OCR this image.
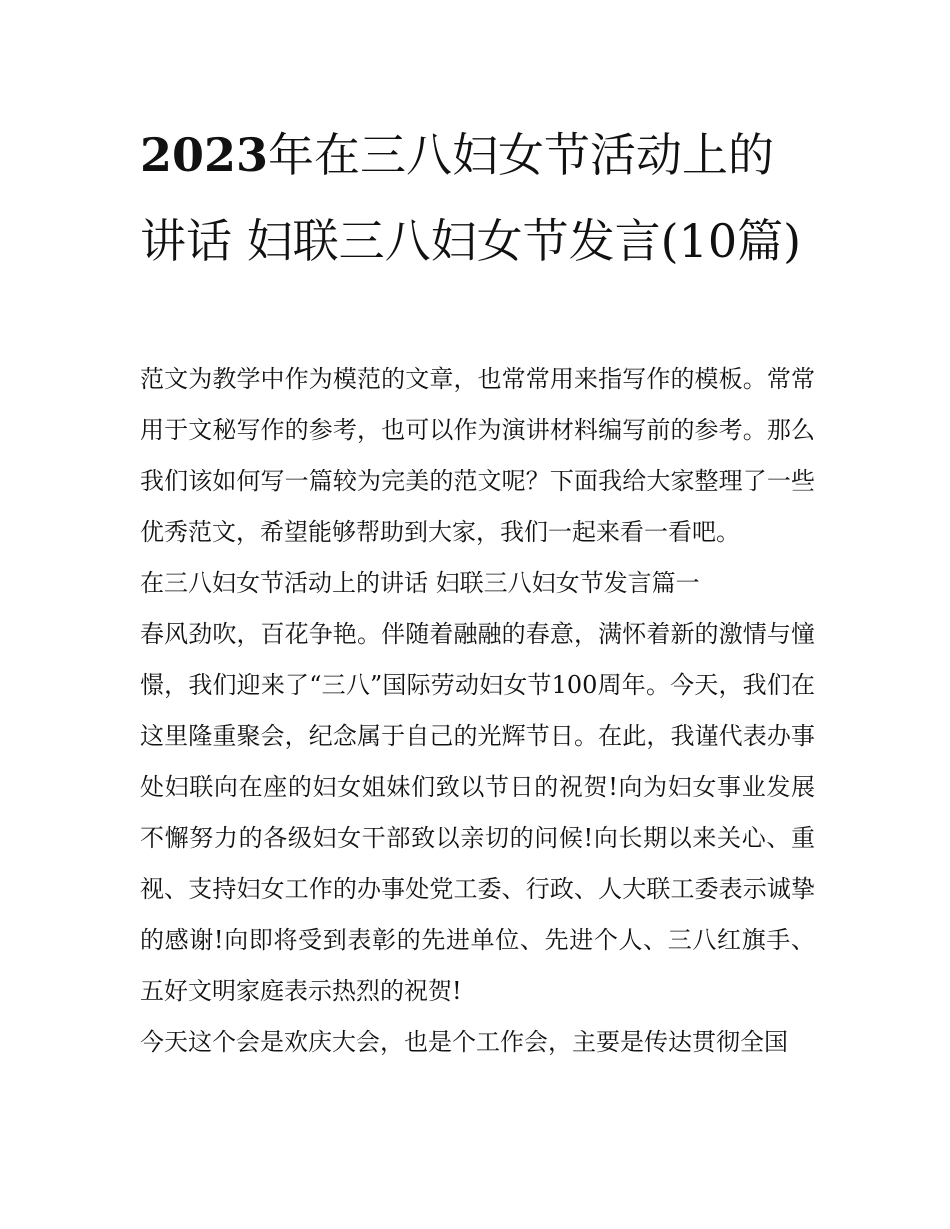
2023年在三八妇女节活动上的讲话 妇联三八妇女节发言(10篇)

范文为教学中作为模范的文章，也常常用来指写作的模板。常常用于文秘写作的参考，也可以作为演讲材料编写前的参考。那么我们该如何写一篇较为完美的范文呢？下面我给大家整理了一些优秀范文，希望能够帮助到大家，我们一起来看一看吧。

在三八妇女节活动上的讲话 妇联三八妇女节发言篇一

春风劲吹，百花争艳。伴随着融融的春意，满怀着新的激情与憧憬，我们迎来了“三八”国际劳动妇女节100周年。今天，我们在这里隆重聚会，纪念属于自己的光辉节日。在此，我谨代表办事处妇联向在座的妇女姐妹们致以节日的祝贺!向为妇女事业发展不懈努力的各级妇女干部致以亲切的问候!向长期以来关心、重视、支持妇女工作的办事处党工委、行政、人大联工委表示诚挚的感谢!向即将受到表彰的先进单位、先进个人、三八红旗手、五好文明家庭表示热烈的祝贺!

今天这个会是欢庆大会，也是个工作会，主要是传达贯彻全国
